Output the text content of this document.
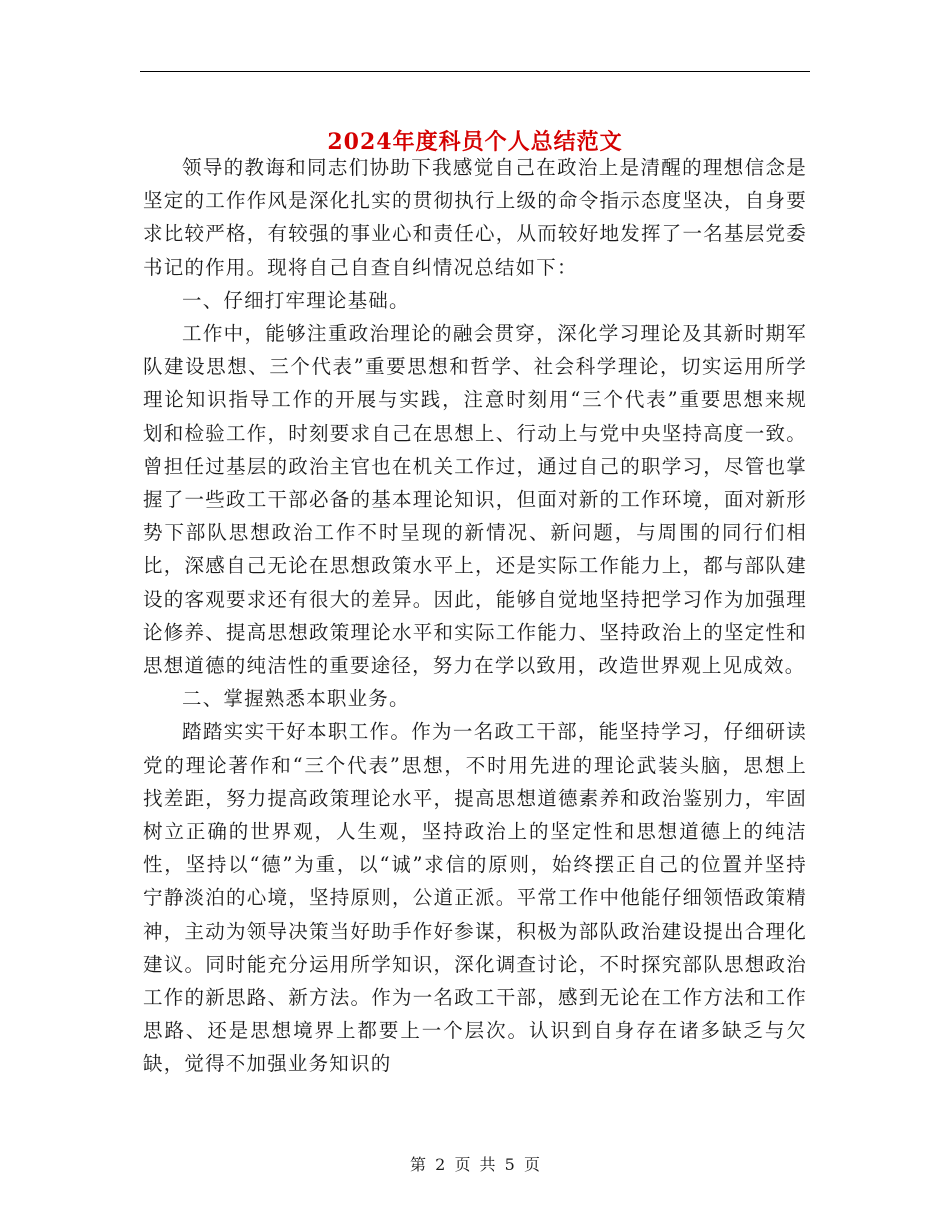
2024年度科员个人总结范文

领导的教诲和同志们协助下我感觉自己在政治上是清醒的理想信念是坚定的工作作风是深化扎实的贯彻执行上级的命令指示态度坚决，自身要求比较严格，有较强的事业心和责任心，从而较好地发挥了一名基层党委书记的作用。现将自己自查自纠情况总结如下：

一、仔细打牢理论基础。

工作中，能够注重政治理论的融会贯穿，深化学习理论及其新时期军队建设思想、三个代表”重要思想和哲学、社会科学理论，切实运用所学理论知识指导工作的开展与实践，注意时刻用“三个代表”重要思想来规划和检验工作，时刻要求自己在思想上、行动上与党中央坚持高度一致。曾担任过基层的政治主官也在机关工作过，通过自己的职学习，尽管也掌握了一些政工干部必备的基本理论知识，但面对新的工作环境，面对新形势下部队思想政治工作不时呈现的新情况、新问题，与周围的同行们相比，深感自己无论在思想政策水平上，还是实际工作能力上，都与部队建设的客观要求还有很大的差异。因此，能够自觉地坚持把学习作为加强理论修养、提高思想政策理论水平和实际工作能力、坚持政治上的坚定性和思想道德的纯洁性的重要途径，努力在学以致用，改造世界观上见成效。

二、掌握熟悉本职业务。

踏踏实实干好本职工作。作为一名政工干部，能坚持学习，仔细研读党的理论著作和“三个代表”思想，不时用先进的理论武装头脑，思想上找差距，努力提高政策理论水平，提高思想道德素养和政治鉴别力，牢固树立正确的世界观，人生观，坚持政治上的坚定性和思想道德上的纯洁性，坚持以“德”为重，以“诚”求信的原则，始终摆正自己的位置并坚持宁静淡泊的心境，坚持原则，公道正派。平常工作中他能仔细领悟政策精神，主动为领导决策当好助手作好参谋，积极为部队政治建设提出合理化建议。同时能充分运用所学知识，深化调查讨论，不时探究部队思想政治工作的新思路、新方法。作为一名政工干部，感到无论在工作方法和工作思路、还是思想境界上都要上一个层次。认识到自身存在诸多缺乏与欠缺，觉得不加强业务知识的

第 2 页 共 5 页
